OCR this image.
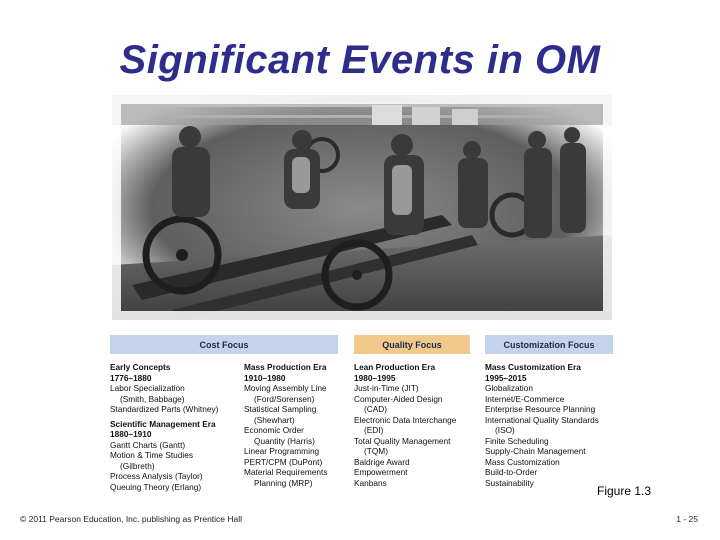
Significant Events in OM
Cost Focus	Quality Focus	Customization Focus
Early Concepts
1776–1880
Labor Specialization
(Smith, Babbage)
Standardized Parts (Whitney)
Scientific Management Era
1880–1910
Gantt Charts (Gantt)
Motion & Time Studies
(Gilbreth)
Process Analysis (Taylor)
Queuing Theory (Erlang)
Mass Production Era
1910–1980
Moving Assembly Line
(Ford/Sorensen)
Statistical Sampling
(Shewhart)
Economic Order
Quantity (Harris)
Linear Programming
PERT/CPM (DuPont)
Material Requirements
Planning (MRP)
Lean Production Era
1980–1995
Just-in-Time (JIT)
Computer-Aided Design
(CAD)
Electronic Data Interchange
(EDI)
Total Quality Management
(TQM)
Baldrige Award
Empowerment
Kanbans
Mass Customization Era
1995–2015
Globalization
Internet/E-Commerce
Enterprise Resource Planning
International Quality Standards
(ISO)
Finite Scheduling
Supply-Chain Management
Mass Customization
Build-to-Order
Sustainability
Figure 1.3
© 2011 Pearson Education, Inc. publishing as Prentice Hall	1 - 25
